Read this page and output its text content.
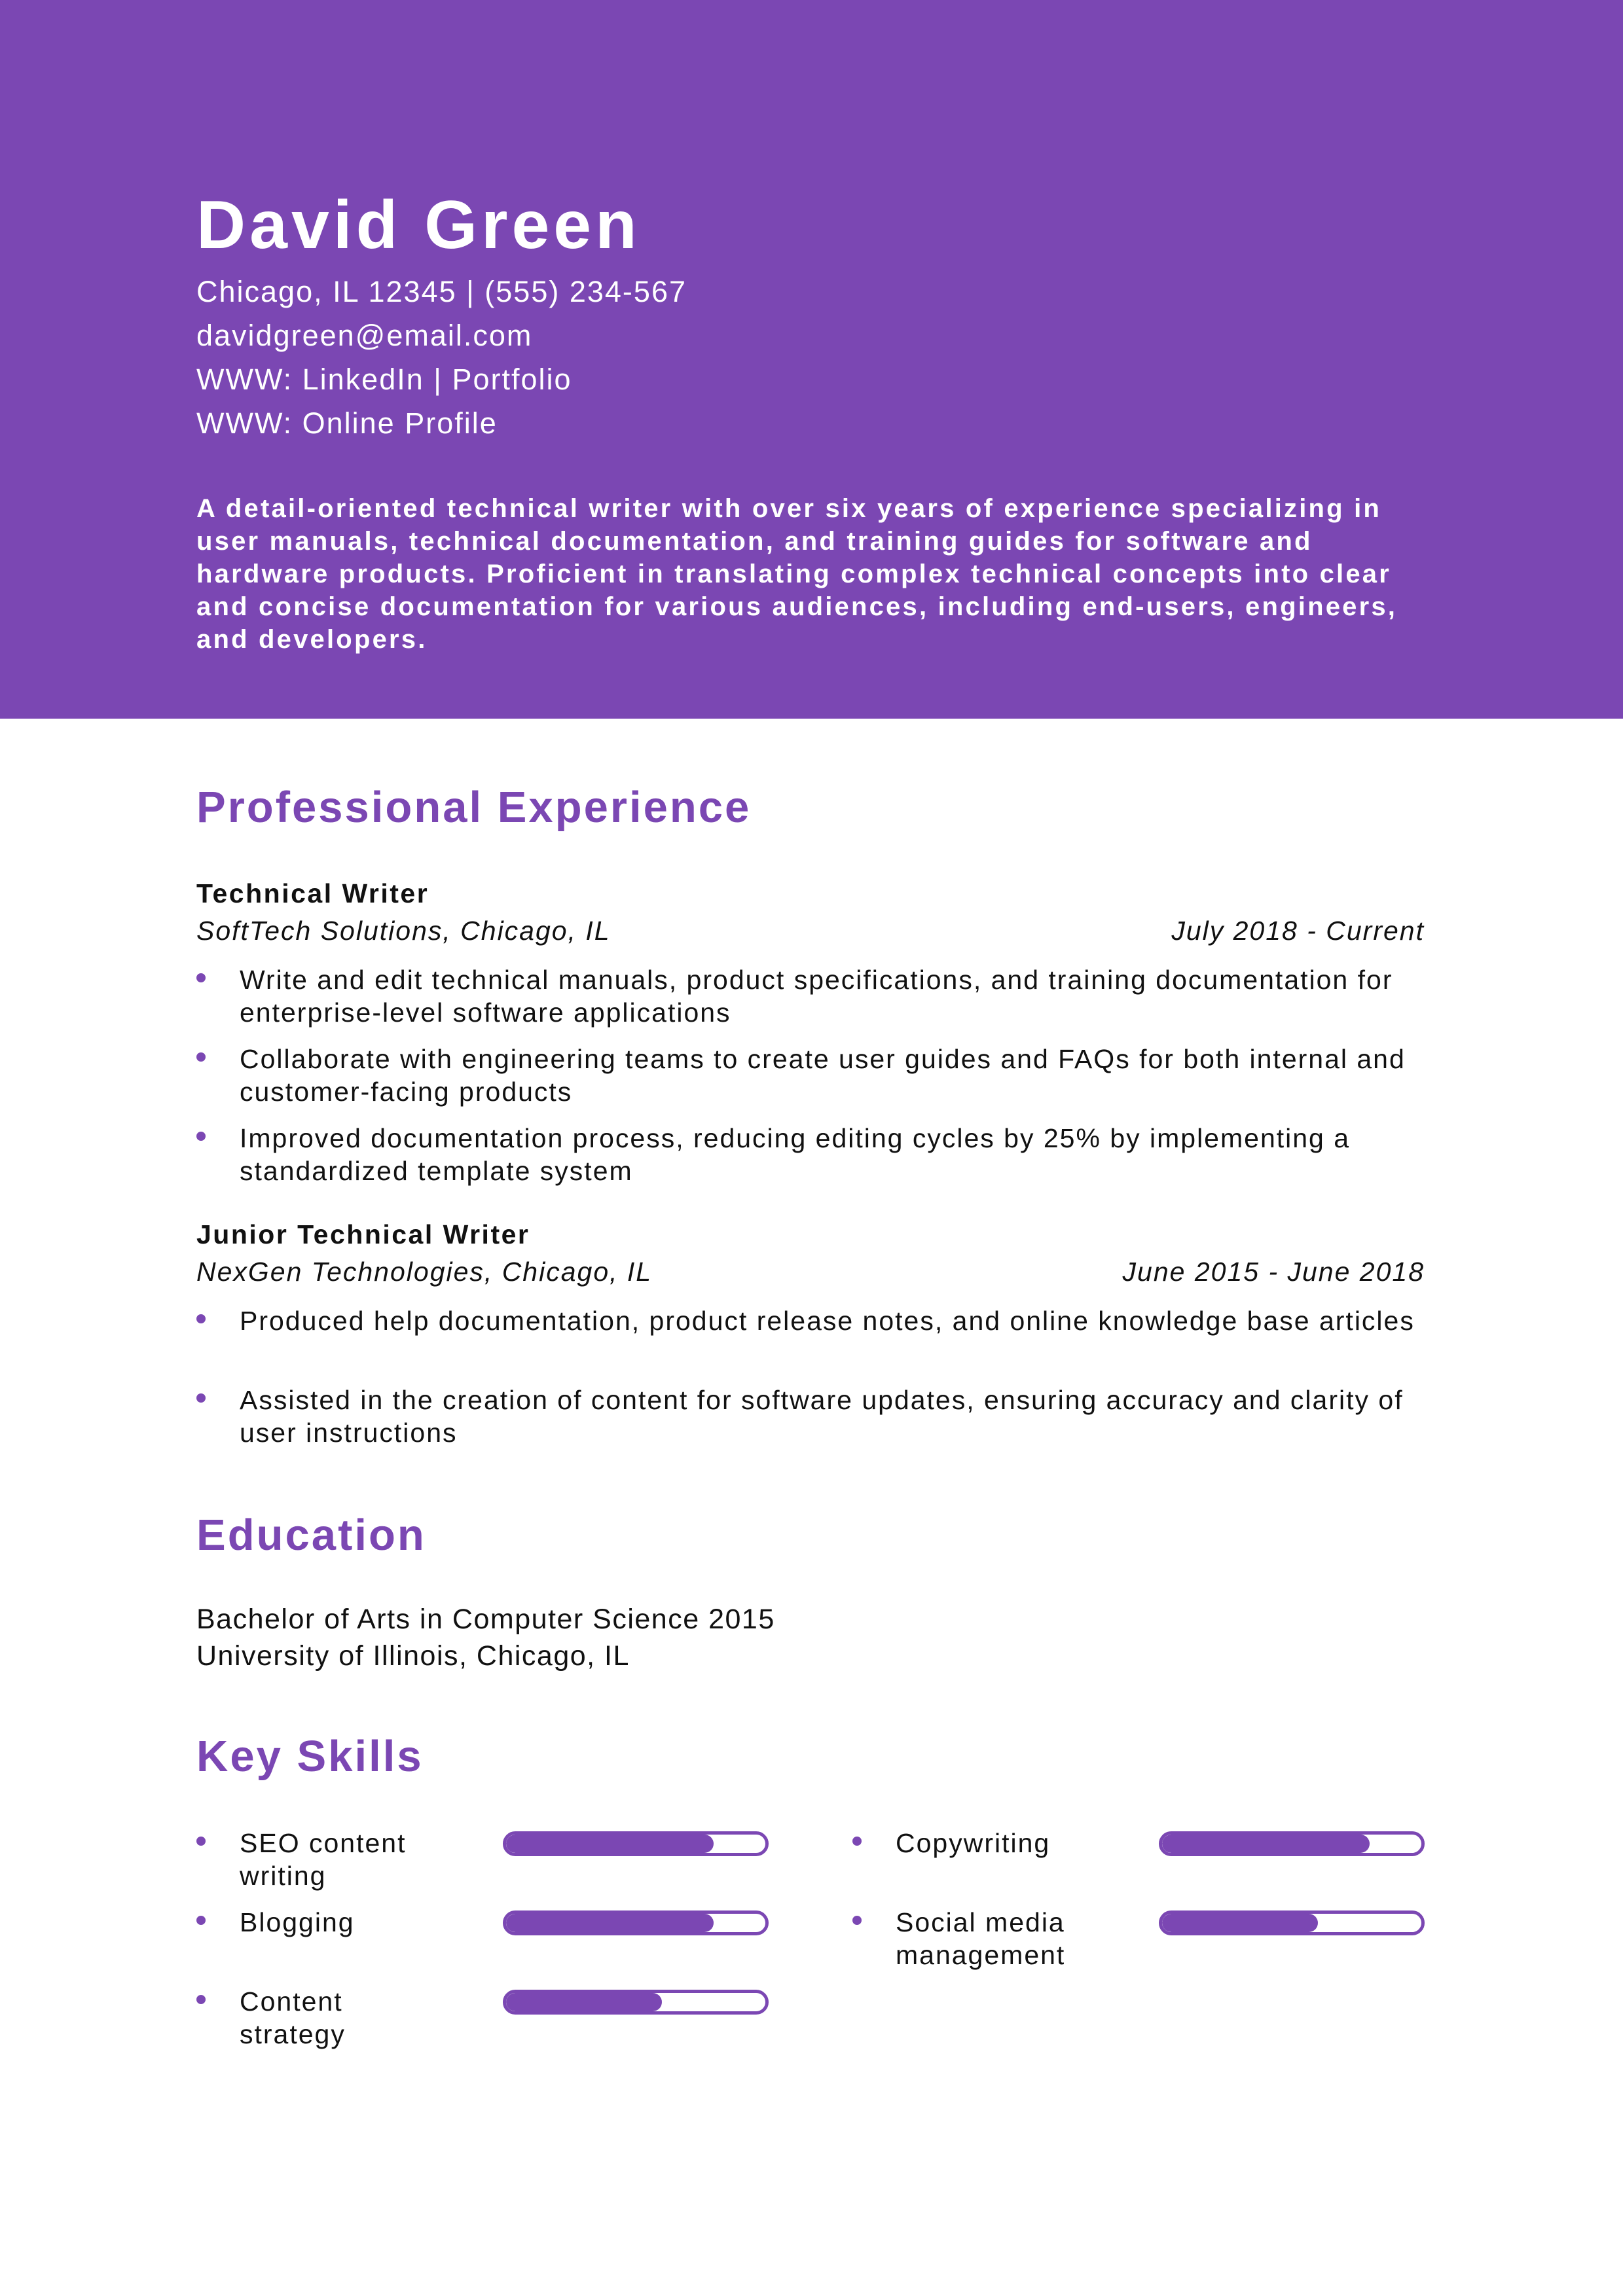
David Green
Chicago, IL 12345 | (555) 234-567
davidgreen@email.com
WWW: LinkedIn | Portfolio
WWW: Online Profile
A detail-oriented technical writer with over six years of experience specializing in user manuals, technical documentation, and training guides for software and hardware products. Proficient in translating complex technical concepts into clear and concise documentation for various audiences, including end-users, engineers, and developers.
Professional Experience
Technical Writer
SoftTech Solutions, Chicago, IL	July 2018 - Current
Write and edit technical manuals, product specifications, and training documentation for enterprise-level software applications
Collaborate with engineering teams to create user guides and FAQs for both internal and customer-facing products
Improved documentation process, reducing editing cycles by 25% by implementing a standardized template system
Junior Technical Writer
NexGen Technologies, Chicago, IL	June 2015 - June 2018
Produced help documentation, product release notes, and online knowledge base articles
Assisted in the creation of content for software updates, ensuring accuracy and clarity of user instructions
Education
Bachelor of Arts in Computer Science 2015
University of Illinois, Chicago, IL
Key Skills
SEO content writing
Blogging
Content strategy
Copywriting
Social media management
